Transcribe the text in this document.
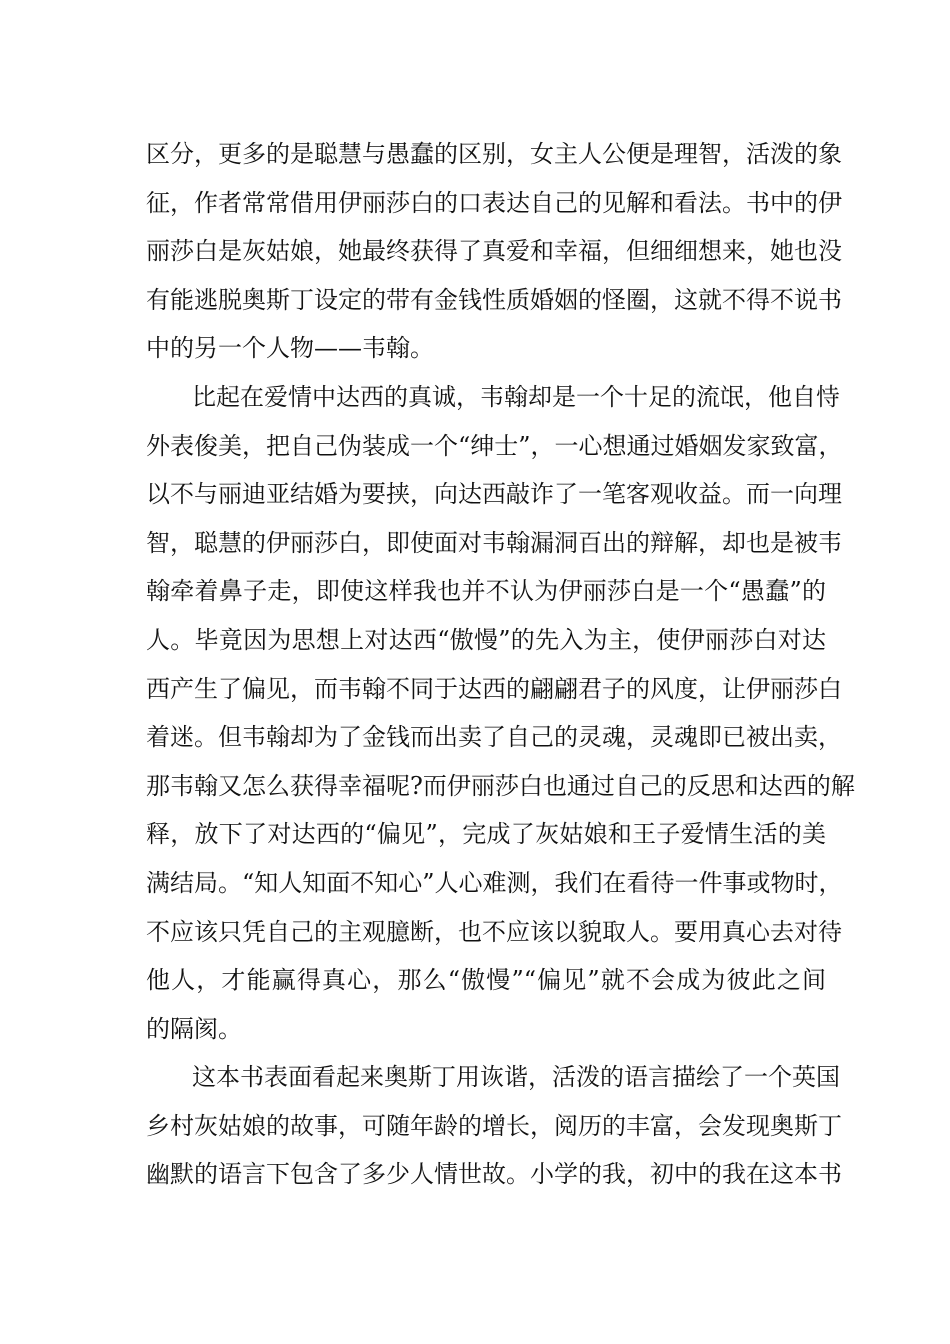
区分，更多的是聪慧与愚蠢的区别，女主人公便是理智，活泼的象
征，作者常常借用伊丽莎白的口表达自己的见解和看法。书中的伊
丽莎白是灰姑娘，她最终获得了真爱和幸福，但细细想来，她也没
有能逃脱奥斯丁设定的带有金钱性质婚姻的怪圈，这就不得不说书
中的另一个人物——韦翰。
比起在爱情中达西的真诚，韦翰却是一个十足的流氓，他自恃
外表俊美，把自己伪装成一个“绅士”，一心想通过婚姻发家致富，
以不与丽迪亚结婚为要挟，向达西敲诈了一笔客观收益。而一向理
智，聪慧的伊丽莎白，即使面对韦翰漏洞百出的辩解，却也是被韦
翰牵着鼻子走，即使这样我也并不认为伊丽莎白是一个“愚蠢”的
人。毕竟因为思想上对达西“傲慢”的先入为主，使伊丽莎白对达
西产生了偏见，而韦翰不同于达西的翩翩君子的风度，让伊丽莎白
着迷。但韦翰却为了金钱而出卖了自己的灵魂，灵魂即已被出卖，
那韦翰又怎么获得幸福呢?而伊丽莎白也通过自己的反思和达西的解
释，放下了对达西的“偏见”，完成了灰姑娘和王子爱情生活的美
满结局。“知人知面不知心”人心难测，我们在看待一件事或物时，
不应该只凭自己的主观臆断，也不应该以貌取人。要用真心去对待
他人，才能赢得真心，那么“傲慢”“偏见”就不会成为彼此之间
的隔阂。
这本书表面看起来奥斯丁用诙谐，活泼的语言描绘了一个英国
乡村灰姑娘的故事，可随年龄的增长，阅历的丰富，会发现奥斯丁
幽默的语言下包含了多少人情世故。小学的我，初中的我在这本书
